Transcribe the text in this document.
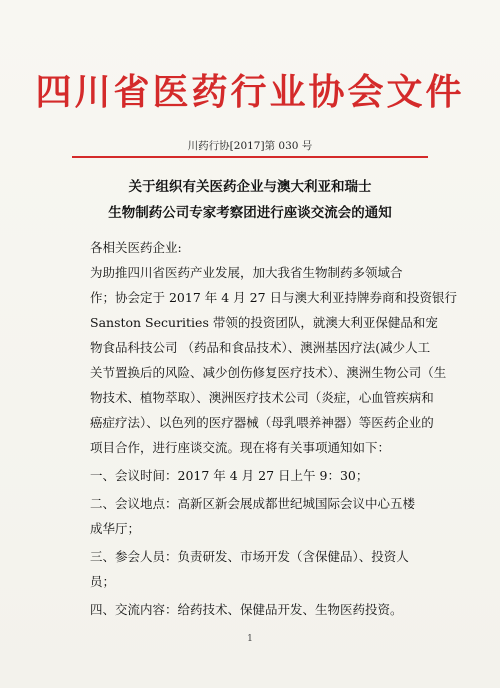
四川省医药行业协会文件
川药行协[2017]第 030 号
关于组织有关医药企业与澳大利亚和瑞士
生物制药公司专家考察团进行座谈交流会的通知
各相关医药企业:
为助推四川省医药产业发展，加大我省生物制药多领域合
作；协会定于 2017 年 4 月 27 日与澳大利亚持牌券商和投资银行
Sanston Securities 带领的投资团队，就澳大利亚保健品和宠
物食品科技公司 （药品和食品技术）、澳洲基因疗法(减少人工
关节置换后的风险、减少创伤修复医疗技术）、澳洲生物公司（生
物技术、植物萃取）、澳洲医疗技术公司（炎症，心血管疾病和
癌症疗法）、以色列的医疗器械（母乳喂养神器）等医药企业的
项目合作，进行座谈交流。现在将有关事项通知如下：
一、会议时间：2017 年 4 月 27 日上午 9：30；
二、会议地点：高新区新会展成都世纪城国际会议中心五楼
成华厅；
三、参会人员：负责研发、市场开发（含保健品）、投资人
员；
四、交流内容：给药技术、保健品开发、生物医药投资。
1
